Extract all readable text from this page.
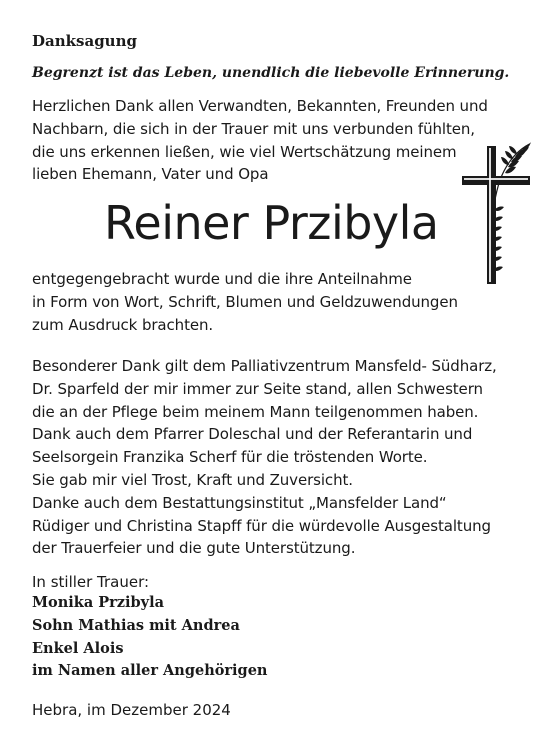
Danksagung
Begrenzt ist das Leben, unendlich die liebevolle Erinnerung.
Herzlichen Dank allen Verwandten, Bekannten, Freunden und
Nachbarn, die sich in der Trauer mit uns verbunden fühlten,
die uns erkennen ließen, wie viel Wertschätzung meinem
lieben Ehemann, Vater und Opa
Reiner Przibyla
entgegengebracht wurde und die ihre Anteilnahme
in Form von Wort, Schrift, Blumen und Geldzuwendungen
zum Ausdruck brachten.
Besonderer Dank gilt dem Palliativzentrum Mansfeld- Südharz,
Dr. Sparfeld der mir immer zur Seite stand, allen Schwestern
die an der Pflege beim meinem Mann teilgenommen haben.
Dank auch dem Pfarrer Doleschal und der Referantarin und
Seelsorgein Franzika Scherf für die tröstenden Worte.
Sie gab mir viel Trost, Kraft und Zuversicht.
Danke auch dem Bestattungsinstitut „Mansfelder Land“
Rüdiger und Christina Stapff für die würdevolle Ausgestaltung
der Trauerfeier und die gute Unterstützung.
In stiller Trauer:
Monika Przibyla
Sohn Mathias mit Andrea
Enkel Alois
im Namen aller Angehörigen
Hebra, im Dezember 2024
